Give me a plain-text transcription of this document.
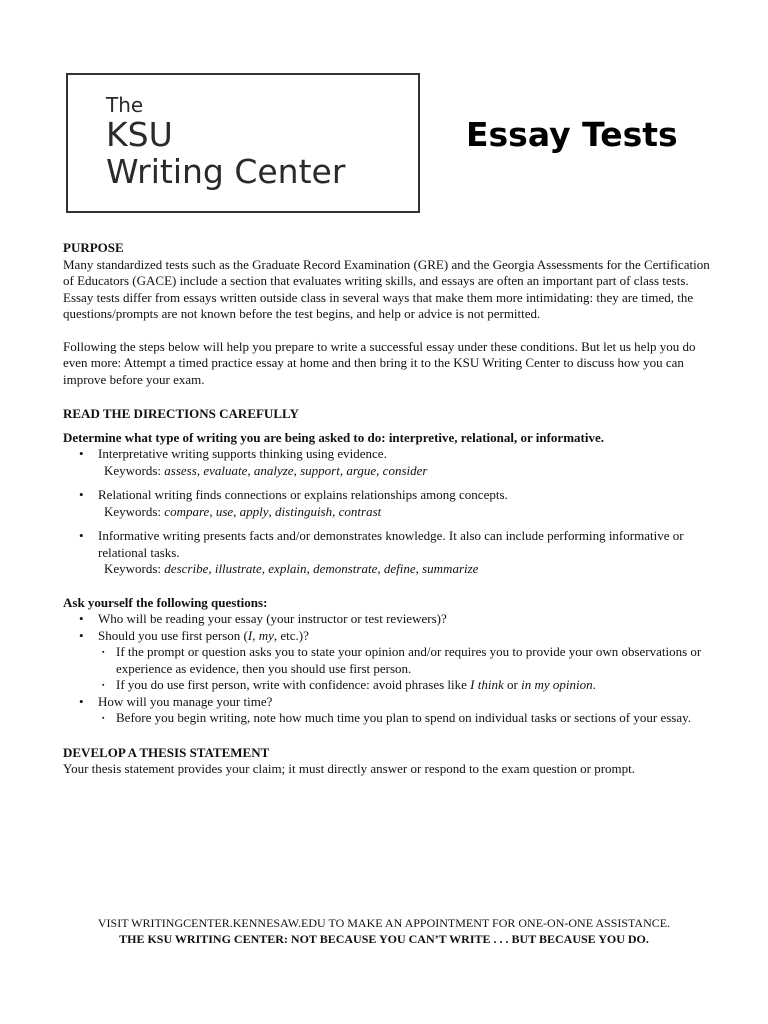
The
KSU
Writing Center
Essay Tests

PURPOSE

Many standardized tests such as the Graduate Record Examination (GRE) and the Georgia Assessments for the Certification of Educators (GACE) include a section that evaluates writing skills, and essays are often an important part of class tests. Essay tests differ from essays written outside class in several ways that make them more intimidating: they are timed, the questions/prompts are not known before the test begins, and help or advice is not permitted.

Following the steps below will help you prepare to write a successful essay under these conditions. But let us help you do even more: Attempt a timed practice essay at home and then bring it to the KSU Writing Center to discuss how you can improve before your exam.

READ THE DIRECTIONS CAREFULLY

Determine what type of writing you are being asked to do: interpretive, relational, or informative.

• Interpretative writing supports thinking using evidence.
Keywords: assess, evaluate, analyze, support, argue, consider
• Relational writing finds connections or explains relationships among concepts.
Keywords: compare, use, apply, distinguish, contrast
• Informative writing presents facts and/or demonstrates knowledge. It also can include performing informative or relational tasks.
Keywords: describe, illustrate, explain, demonstrate, define, summarize

Ask yourself the following questions:

• Who will be reading your essay (your instructor or test reviewers)?
• Should you use first person (I, my, etc.)?
▪ If the prompt or question asks you to state your opinion and/or requires you to provide your own observations or experience as evidence, then you should use first person.
▪ If you do use first person, write with confidence: avoid phrases like I think or in my opinion.
• How will you manage your time?
▪ Before you begin writing, note how much time you plan to spend on individual tasks or sections of your essay.

DEVELOP A THESIS STATEMENT

Your thesis statement provides your claim; it must directly answer or respond to the exam question or prompt.

VISIT WRITINGCENTER.KENNESAW.EDU TO MAKE AN APPOINTMENT FOR ONE-ON-ONE ASSISTANCE.
THE KSU WRITING CENTER: NOT BECAUSE YOU CAN’T WRITE . . . BUT BECAUSE YOU DO.
